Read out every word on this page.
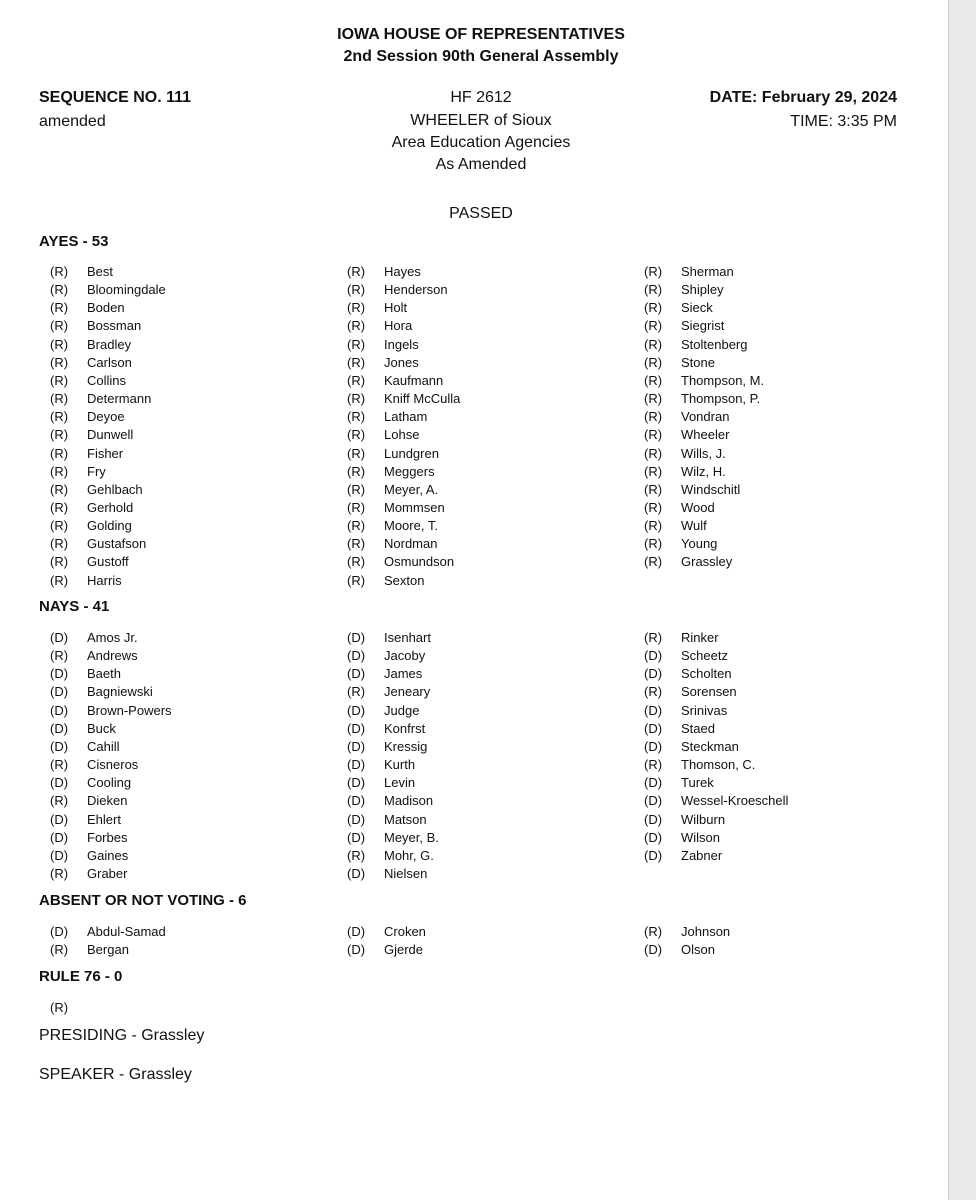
IOWA HOUSE OF REPRESENTATIVES
2nd Session 90th General Assembly
SEQUENCE NO. 111
amended
HF 2612
WHEELER of Sioux
Area Education Agencies
As Amended
DATE: February 29, 2024
TIME: 3:35 PM
PASSED
AYES - 53
(R) Best
(R) Bloomingdale
(R) Boden
(R) Bossman
(R) Bradley
(R) Carlson
(R) Collins
(R) Determann
(R) Deyoe
(R) Dunwell
(R) Fisher
(R) Fry
(R) Gehlbach
(R) Gerhold
(R) Golding
(R) Gustafson
(R) Gustoff
(R) Harris
(R) Hayes
(R) Henderson
(R) Holt
(R) Hora
(R) Ingels
(R) Jones
(R) Kaufmann
(R) Kniff McCulla
(R) Latham
(R) Lohse
(R) Lundgren
(R) Meggers
(R) Meyer, A.
(R) Mommsen
(R) Moore, T.
(R) Nordman
(R) Osmundson
(R) Sexton
(R) Sherman
(R) Shipley
(R) Sieck
(R) Siegrist
(R) Stoltenberg
(R) Stone
(R) Thompson, M.
(R) Thompson, P.
(R) Vondran
(R) Wheeler
(R) Wills, J.
(R) Wilz, H.
(R) Windschitl
(R) Wood
(R) Wulf
(R) Young
(R) Grassley
NAYS - 41
(D) Amos Jr.
(R) Andrews
(D) Baeth
(D) Bagniewski
(D) Brown-Powers
(D) Buck
(D) Cahill
(R) Cisneros
(D) Cooling
(R) Dieken
(D) Ehlert
(D) Forbes
(D) Gaines
(R) Graber
(D) Isenhart
(D) Jacoby
(D) James
(R) Jeneary
(D) Judge
(D) Konfrst
(D) Kressig
(D) Kurth
(D) Levin
(D) Madison
(D) Matson
(D) Meyer, B.
(R) Mohr, G.
(D) Nielsen
(R) Rinker
(D) Scheetz
(D) Scholten
(R) Sorensen
(D) Srinivas
(D) Staed
(D) Steckman
(R) Thomson, C.
(D) Turek
(D) Wessel-Kroeschell
(D) Wilburn
(D) Wilson
(D) Zabner
ABSENT OR NOT VOTING - 6
(D) Abdul-Samad
(R) Bergan
(D) Croken
(D) Gjerde
(R) Johnson
(D) Olson
RULE 76 - 0
(R)
PRESIDING - Grassley
SPEAKER - Grassley
